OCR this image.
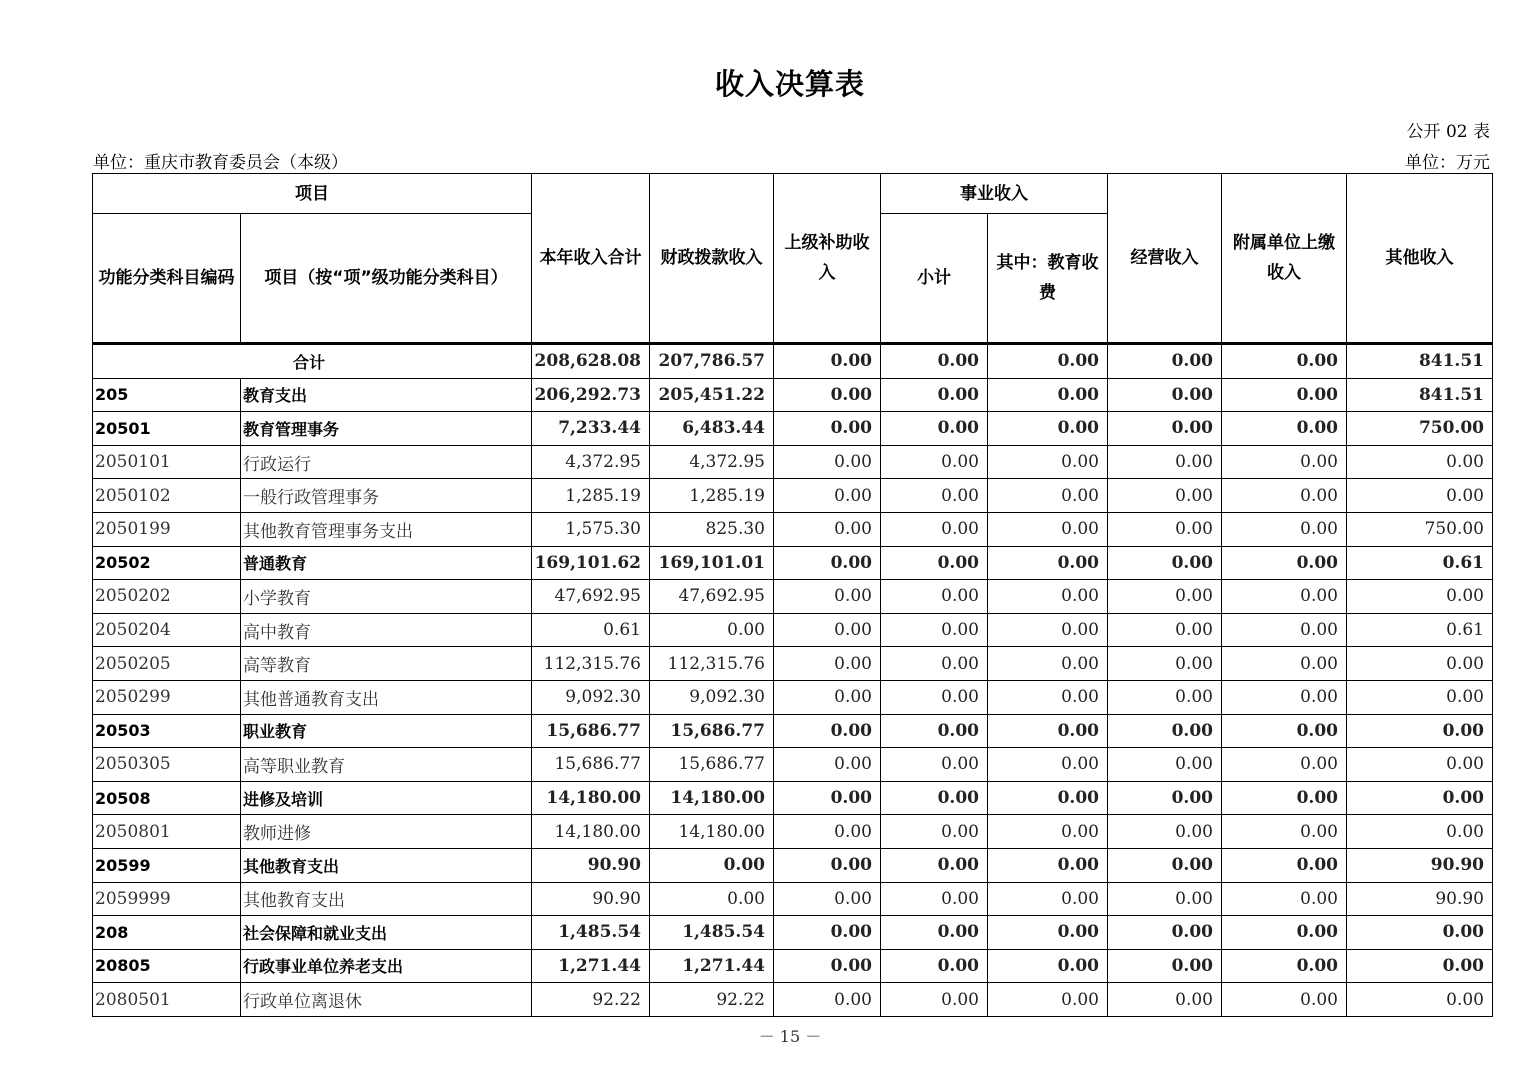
收入决算表
公开 02 表
单位：重庆市教育委员会（本级）	单位：万元
项目		本年收入合计	财政拨款收入	上级补助收入	事业收入		经营收入	附属单位上缴收入	其他收入
功能分类科目编码	项目（按“项”级功能分类科目）				小计	其中：教育收费			
合计		208,628.08	207,786.57	0.00	0.00	0.00	0.00	0.00	841.51
205	教育支出	206,292.73	205,451.22	0.00	0.00	0.00	0.00	0.00	841.51
20501	教育管理事务	7,233.44	6,483.44	0.00	0.00	0.00	0.00	0.00	750.00
2050101	行政运行	4,372.95	4,372.95	0.00	0.00	0.00	0.00	0.00	0.00
2050102	一般行政管理事务	1,285.19	1,285.19	0.00	0.00	0.00	0.00	0.00	0.00
2050199	其他教育管理事务支出	1,575.30	825.30	0.00	0.00	0.00	0.00	0.00	750.00
20502	普通教育	169,101.62	169,101.01	0.00	0.00	0.00	0.00	0.00	0.61
2050202	小学教育	47,692.95	47,692.95	0.00	0.00	0.00	0.00	0.00	0.00
2050204	高中教育	0.61	0.00	0.00	0.00	0.00	0.00	0.00	0.61
2050205	高等教育	112,315.76	112,315.76	0.00	0.00	0.00	0.00	0.00	0.00
2050299	其他普通教育支出	9,092.30	9,092.30	0.00	0.00	0.00	0.00	0.00	0.00
20503	职业教育	15,686.77	15,686.77	0.00	0.00	0.00	0.00	0.00	0.00
2050305	高等职业教育	15,686.77	15,686.77	0.00	0.00	0.00	0.00	0.00	0.00
20508	进修及培训	14,180.00	14,180.00	0.00	0.00	0.00	0.00	0.00	0.00
2050801	教师进修	14,180.00	14,180.00	0.00	0.00	0.00	0.00	0.00	0.00
20599	其他教育支出	90.90	0.00	0.00	0.00	0.00	0.00	0.00	90.90
2059999	其他教育支出	90.90	0.00	0.00	0.00	0.00	0.00	0.00	90.90
208	社会保障和就业支出	1,485.54	1,485.54	0.00	0.00	0.00	0.00	0.00	0.00
20805	行政事业单位养老支出	1,271.44	1,271.44	0.00	0.00	0.00	0.00	0.00	0.00
2080501	行政单位离退休	92.22	92.22	0.00	0.00	0.00	0.00	0.00	0.00
－ 15 －
